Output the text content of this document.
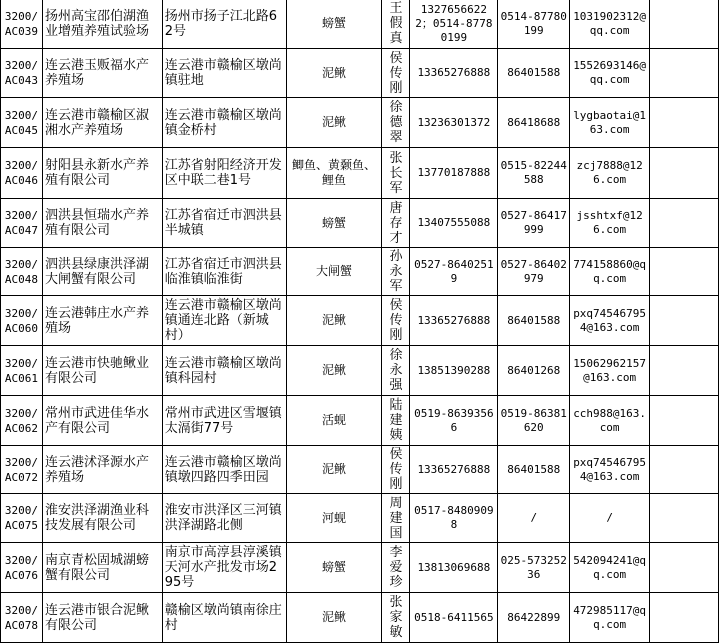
3200/
AC039	扬州高宝邵伯湖渔业增殖养殖试验场	扬州市扬子江北路62号	螃蟹	王假真	13276566222；0514-87780199	0514-87780199	1031902312@qq.com	
3200/
AC043	连云港玉贩福水产养殖场	连云港市赣榆区墩尚镇驻地	泥鳅	侯传刚	13365276888	86401588	1552693146@qq.com	
3200/
AC045	连云港市赣榆区淑湘水产养殖场	连云港市赣榆区墩尚镇金桥村	泥鳅	徐德翠	13236301372	86418688	lygbaotai@163.com	
3200/
AC046	射阳县永新水产养殖有限公司	江苏省射阳经济开发区中联二巷1号	鲫鱼、黄颡鱼、鲤鱼	张长军	13770187888	0515-82244588	zcj7888@126.com	
3200/
AC047	泗洪县恒瑞水产养殖有限公司	江苏省宿迁市泗洪县半城镇	螃蟹	唐存才	13407555088	0527-86417999	jsshtxf@126.com	
3200/
AC048	泗洪县绿康洪泽湖大闸蟹有限公司	江苏省宿迁市泗洪县临淮镇临淮街	大闸蟹	孙永军	0527-86402519	0527-86402979	774158860@qq.com	
3200/
AC060	连云港韩庄水产养殖场	连云港市赣榆区墩尚镇通连北路（新城村）	泥鳅	侯传刚	13365276888	86401588	pxq745467954@163.com	
3200/
AC061	连云港市快驰鳅业有限公司	连云港市赣榆区墩尚镇科园村	泥鳅	徐永强	13851390288	86401268	15062962157@163.com	
3200/
AC062	常州市武进佳华水产有限公司	常州市武进区雪堰镇太滆街77号	活蚬	陆建姨	0519-86393566	0519-86381620	cch988@163.com	
3200/
AC072	连云港沭泽源水产养殖场	连云港市赣榆区墩尚镇墩四路四季田园	泥鳅	侯传刚	13365276888	86401588	pxq745467954@163.com	
3200/
AC075	淮安洪泽湖渔业科技发展有限公司	淮安市洪泽区三河镇洪泽湖路北侧	河蚬	周建国	0517-84809098	/	/	
3200/
AC076	南京青松固城湖螃蟹有限公司	南京市高淳县淳溪镇天河水产批发市场295号	螃蟹	李爱珍	13813069688	025-57325236	542094241@qq.com	
3200/
AC078	连云港市银合泥鳅有限公司	赣榆区墩尚镇南徐庄村	泥鳅	张家敏	0518-6411565	86422899	472985117@qq.com	
